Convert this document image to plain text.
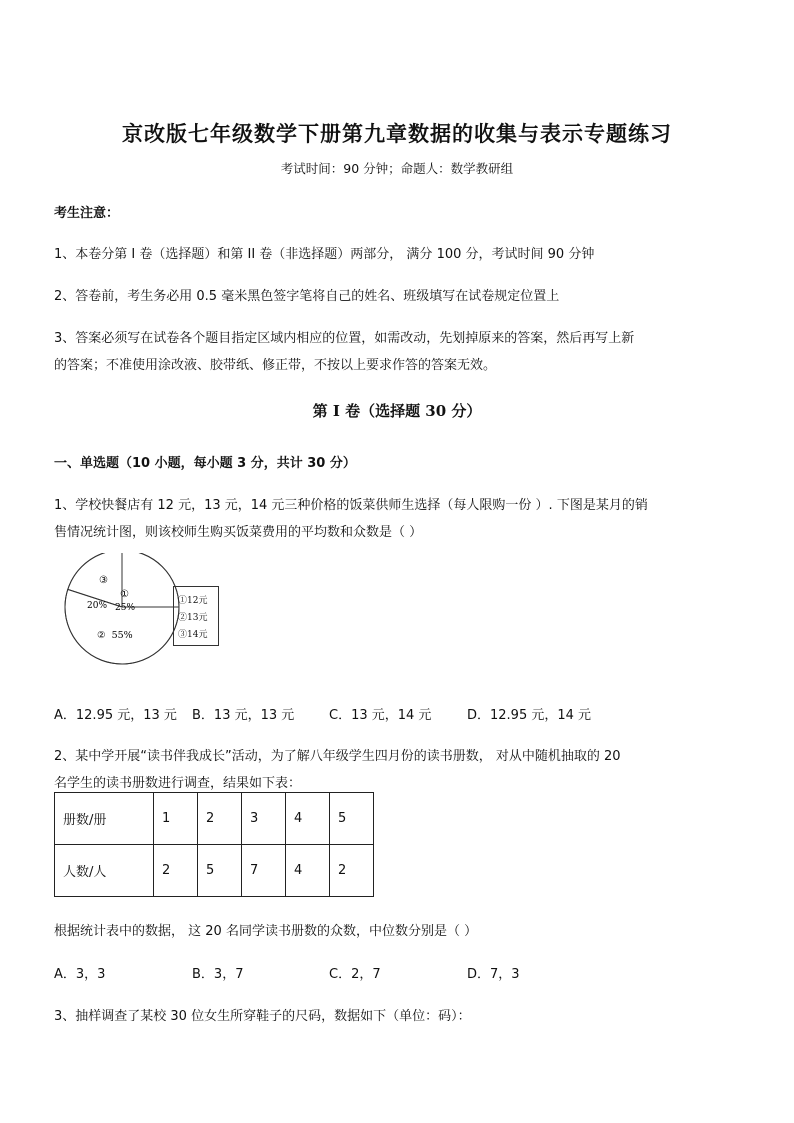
京改版七年级数学下册第九章数据的收集与表示专题练习
考试时间：90 分钟；命题人：数学教研组
考生注意：
1、本卷分第 I 卷（选择题）和第 II 卷（非选择题）两部分， 满分 100 分，考试时间 90 分钟
2、答卷前，考生务必用 0.5 毫米黑色签字笔将自己的姓名、班级填写在试卷规定位置上
3、答案必须写在试卷各个题目指定区域内相应的位置，如需改动，先划掉原来的答案，然后再写上新
的答案；不准使用涂改液、胶带纸、修正带，不按以上要求作答的答案无效。
第 I 卷（选择题 30 分）
一、单选题（10 小题，每小题 3 分，共计 30 分）
1、学校快餐店有 12 元，13 元，14 元三种价格的饭菜供师生选择（每人限购一份 ）. 下图是某月的销
售情况统计图，则该校师生购买饭菜费用的平均数和众数是（ ）
③
20%
①
25%
② 55%
①12元
②13元
③14元
A．12.95 元，13 元 B．13 元，13 元	C．13 元，14 元	D．12.95 元，14 元
2、某中学开展“读书伴我成长”活动，为了解八年级学生四月份的读书册数， 对从中随机抽取的 20
名学生的读书册数进行调查，结果如下表：
册数/册	1	2	3	4	5
人数/人	2	5	7	4	2
根据统计表中的数据， 这 20 名同学读书册数的众数，中位数分别是（ ）
A．3，3	B．3，7	C．2，7	D．7，3
3、抽样调查了某校 30 位女生所穿鞋子的尺码，数据如下（单位：码）：
